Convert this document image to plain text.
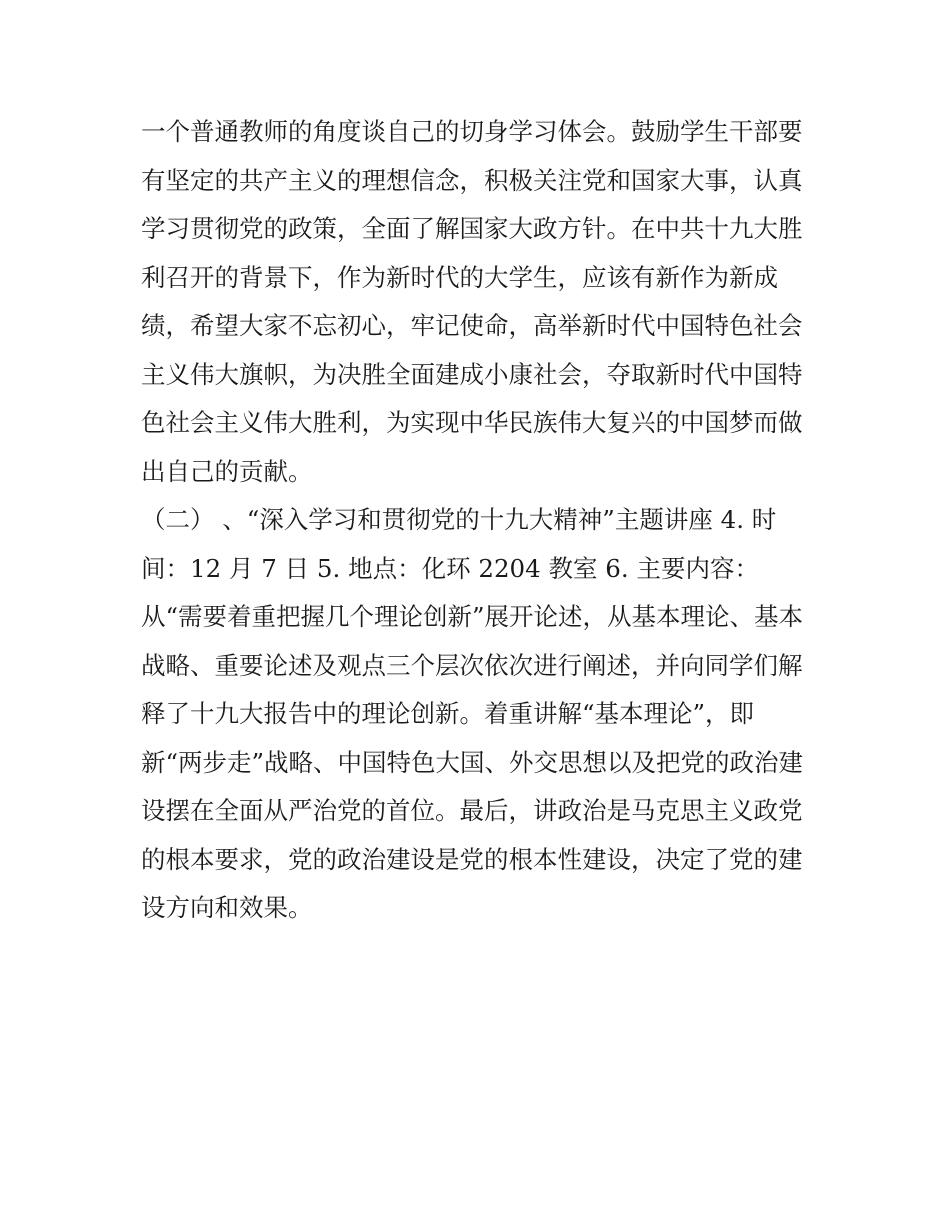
一个普通教师的角度谈自己的切身学习体会。鼓励学生干部要
有坚定的共产主义的理想信念，积极关注党和国家大事，认真
学习贯彻党的政策，全面了解国家大政方针。在中共十九大胜
利召开的背景下，作为新时代的大学生，应该有新作为新成
绩，希望大家不忘初心，牢记使命，高举新时代中国特色社会
主义伟大旗帜，为决胜全面建成小康社会，夺取新时代中国特
色社会主义伟大胜利，为实现中华民族伟大复兴的中国梦而做
出自己的贡献。
（二） 、“深入学习和贯彻党的十九大精神”主题讲座 4. 时
间：12 月 7 日 5. 地点：化环 2204 教室 6. 主要内容：
从“需要着重把握几个理论创新”展开论述，从基本理论、基本
战略、重要论述及观点三个层次依次进行阐述，并向同学们解
释了十九大报告中的理论创新。着重讲解“基本理论”，即
新“两步走”战略、中国特色大国、外交思想以及把党的政治建
设摆在全面从严治党的首位。最后，讲政治是马克思主义政党
的根本要求，党的政治建设是党的根本性建设，决定了党的建
设方向和效果。
